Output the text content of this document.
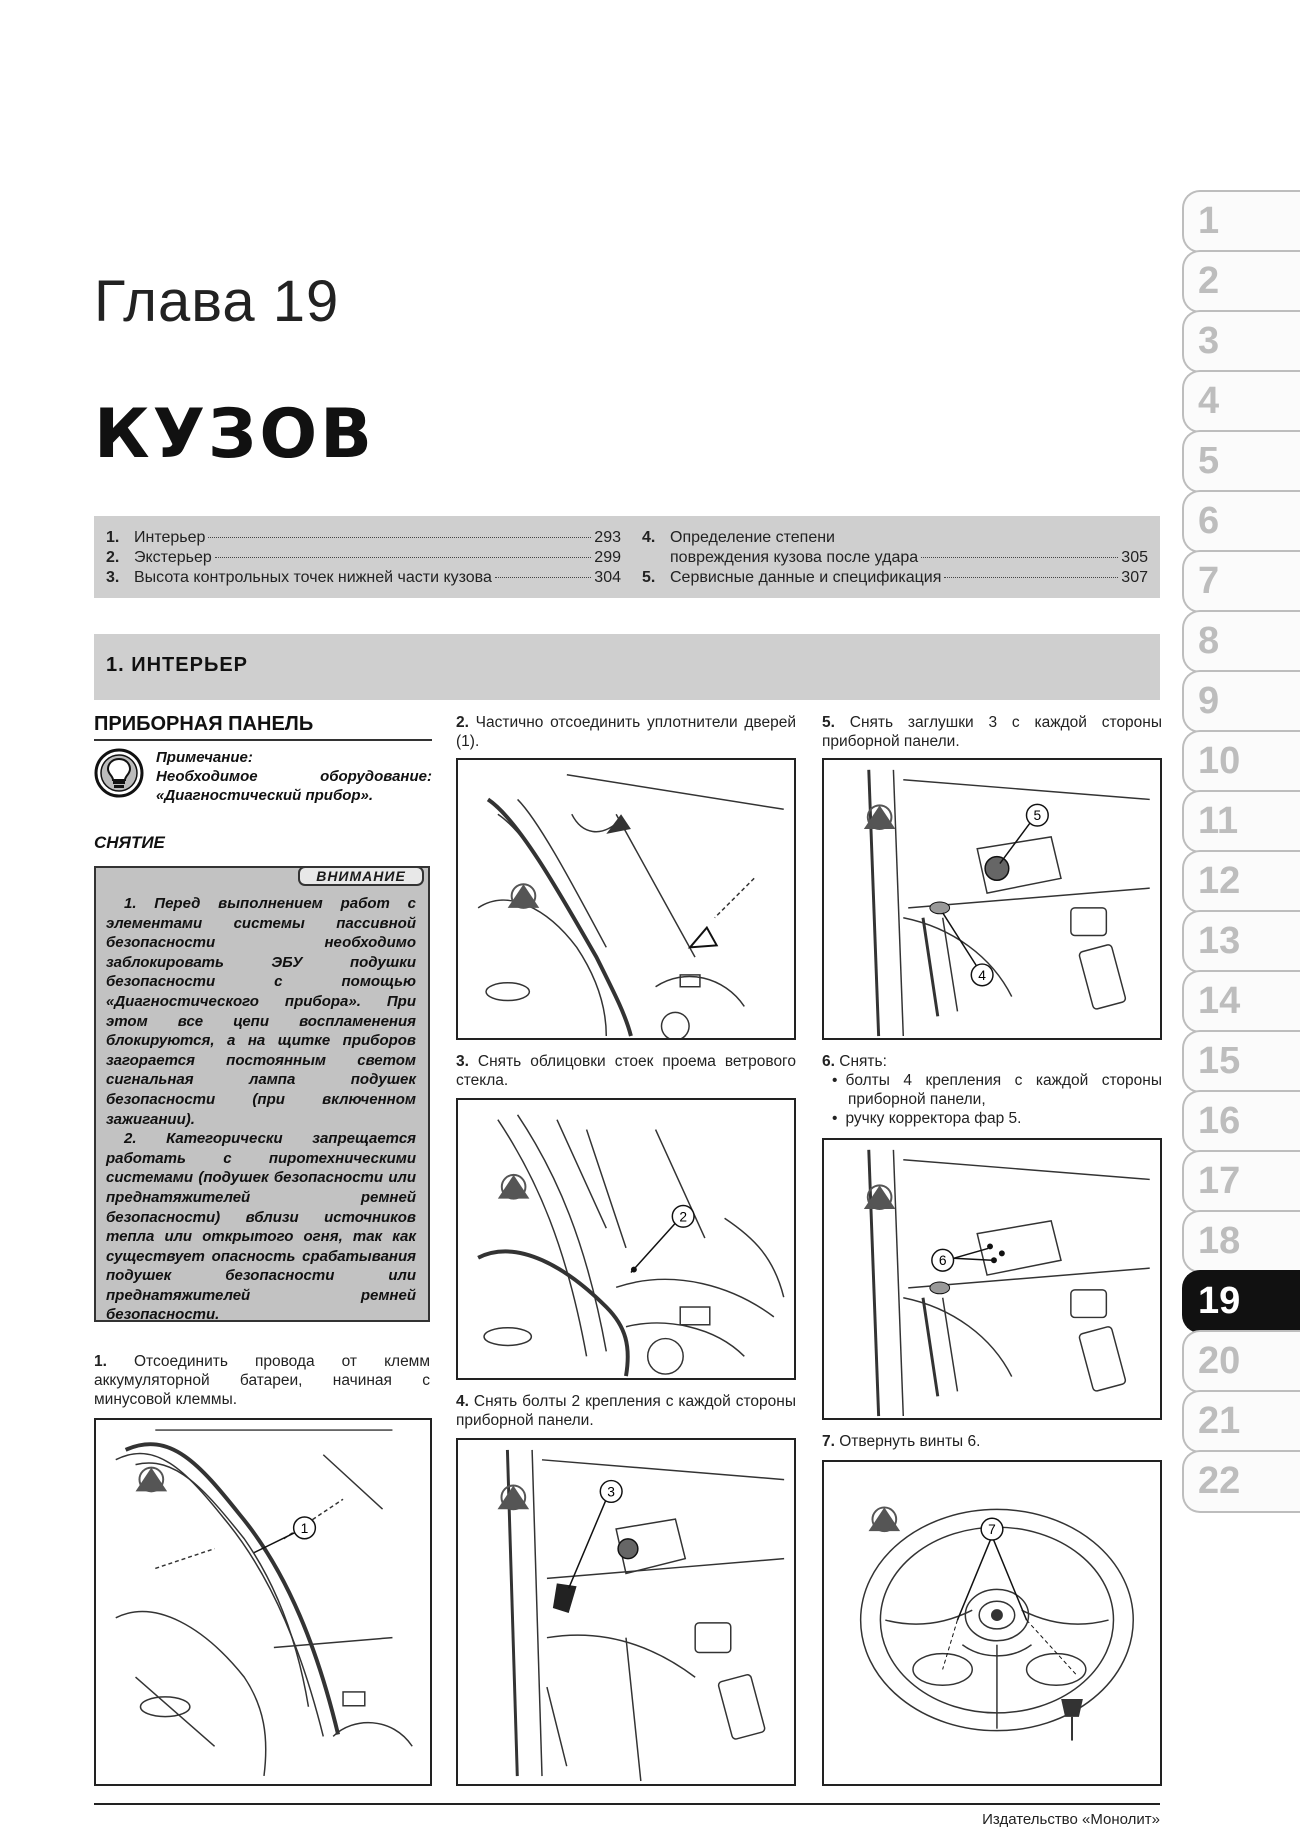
Глава 19
КУЗОВ
1. Интерьер	293
2. Экстерьер	299
3. Высота контрольных точек нижней части кузова	304
4. Определение степени
повреждения кузова после удара	305
5. Сервисные данные и спецификация	307
1. ИНТЕРЬЕР
ПРИБОРНАЯ ПАНЕЛЬ
Примечание:
Необходимое оборудование: «Диагностический прибор».
СНЯТИЕ
ВНИМАНИЕ

1. Перед выполнением работ с элементами системы пассивной безопасности необходимо заблокировать ЭБУ подушки безопасности с помощью «Диагностического прибора». При этом все цепи воспламенения блокируются, а на щитке приборов загорается постоянным светом сигнальная лампа подушек безопасности (при включенном зажигании).

2. Категорически запрещается работать с пиротехническими системами (подушек безопасности или преднатяжителей ремней безопасности) вблизи источников тепла или открытого огня, так как существует опасность срабатывания подушек безопасности или преднатяжителей ремней безопасности.

1. Отсоединить провода от клемм аккумуляторной батареи, начиная с минусовой клеммы.
1
2. Частично отсоединить уплотнители дверей (1).
3. Снять облицовки стоек проема ветрового стекла.
2
4. Снять болты 2 крепления с каждой стороны приборной панели.
3
5. Снять заглушки 3 с каждой стороны приборной панели.
5
4
6. Снять:
• болты 4 крепления с каждой стороны приборной панели,
• ручку корректора фар 5.
6
7. Отвернуть винты 6.
7
1
2
3
4
5
6
7
8
9
10
11
12
13
14
15
16
17
18
19
20
21
22
Издательство «Монолит»
